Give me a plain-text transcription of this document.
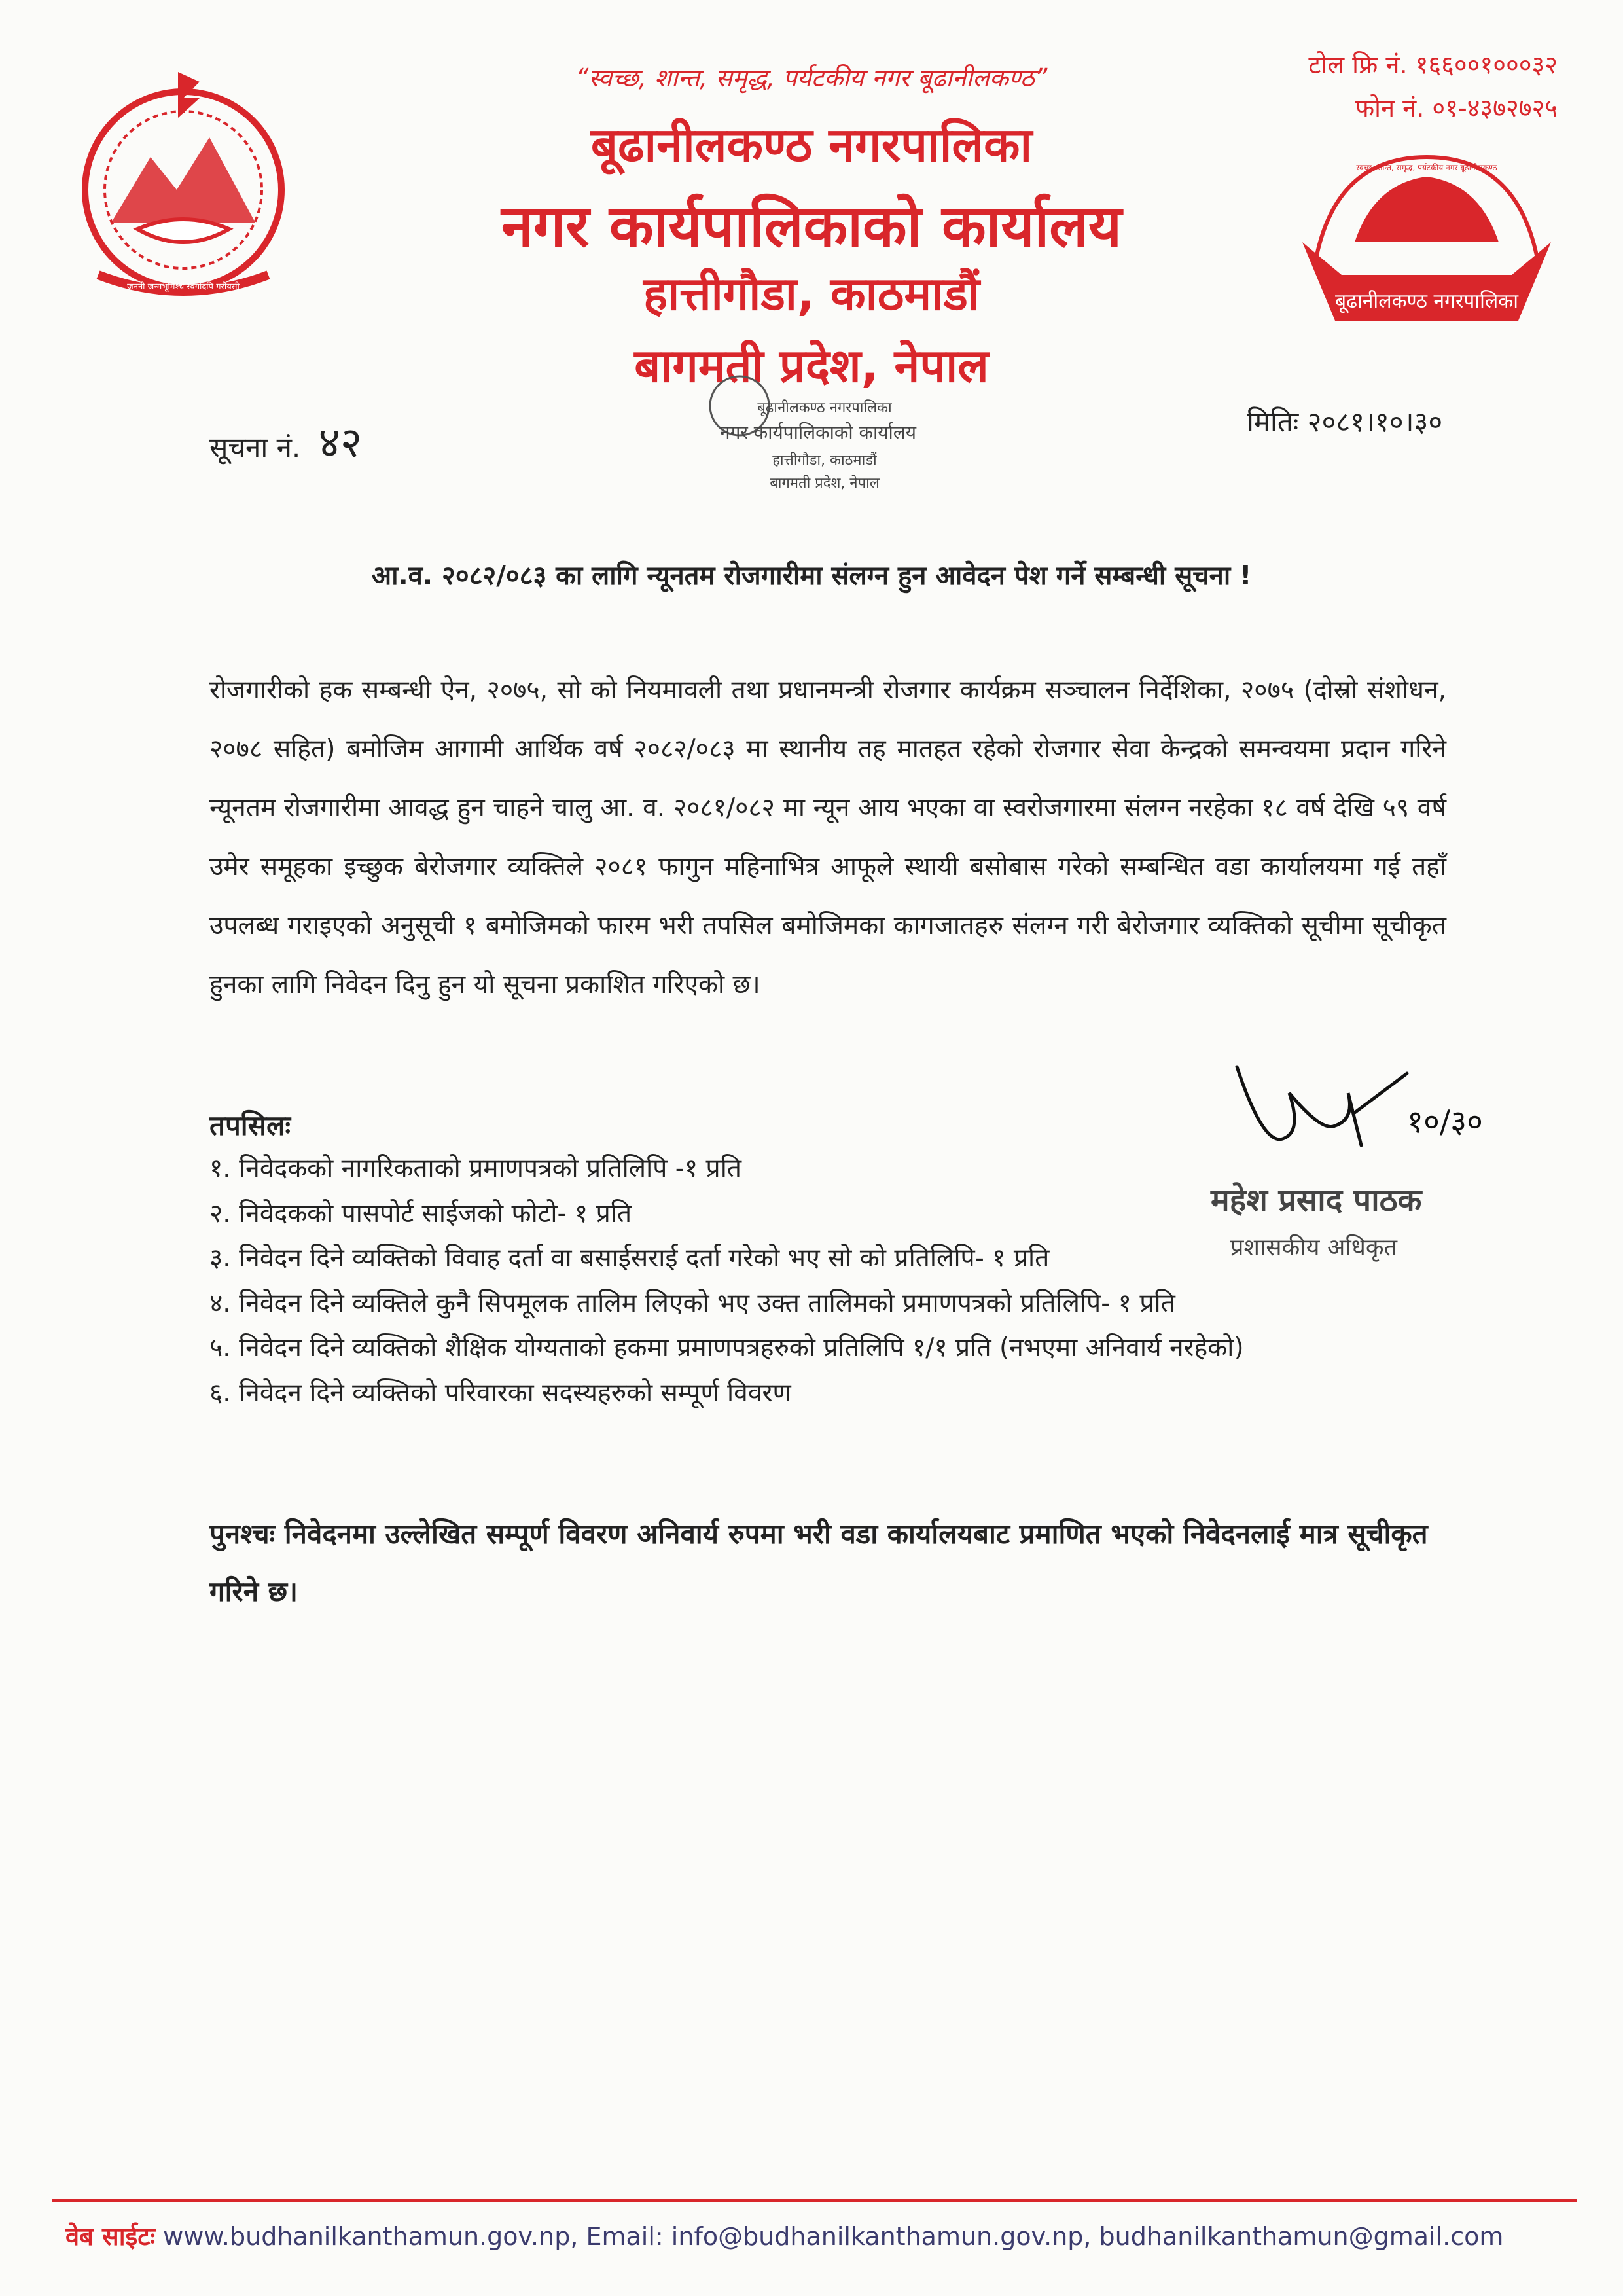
जननी जन्मभूमिश्च स्वर्गादपि गरीयसी
बूढानीलकण्ठ नगरपालिका
स्वच्छ, शान्त, समृद्ध, पर्यटकीय नगर बूढानीलकण्ठ
“स्वच्छ, शान्त, समृद्ध, पर्यटकीय नगर बूढानीलकण्ठ”
बूढानीलकण्ठ नगरपालिका
नगर कार्यपालिकाको कार्यालय
हात्तीगौडा, काठमाडौं
बागमती प्रदेश, नेपाल
टोल फ्रि नं. १६६००१०००३२
फोन नं. ०१-४३७२७२५
बूढानीलकण्ठ नगरपालिका
नगर कार्यपालिकाको कार्यालय
हात्तीगौडा, काठमाडौं
बागमती प्रदेश, नेपाल
सूचना नं. ४२	मितिः २०८१।१०।३०
आ.व. २०८२/०८३ का लागि न्यूनतम रोजगारीमा संलग्न हुन आवेदन पेश गर्ने सम्बन्धी सूचना !
रोजगारीको हक सम्बन्धी ऐन, २०७५, सो को नियमावली तथा प्रधानमन्त्री रोजगार कार्यक्रम सञ्चालन निर्देशिका, २०७५ (दोस्रो संशोधन, २०७८ सहित) बमोजिम आगामी आर्थिक वर्ष २०८२/०८३ मा स्थानीय तह मातहत रहेको रोजगार सेवा केन्द्रको समन्वयमा प्रदान गरिने न्यूनतम रोजगारीमा आवद्ध हुन चाहने चालु आ. व. २०८१/०८२ मा न्यून आय भएका वा स्वरोजगारमा संलग्न नरहेका १८ वर्ष देखि ५९ वर्ष उमेर समूहका इच्छुक बेरोजगार व्यक्तिले २०८१ फागुन महिनाभित्र आफूले स्थायी बसोबास गरेको सम्बन्धित वडा कार्यालयमा गई तहाँ उपलब्ध गराइएको अनुसूची १ बमोजिमको फारम भरी तपसिल बमोजिमका कागजातहरु संलग्न गरी बेरोजगार व्यक्तिको सूचीमा सूचीकृत हुनका लागि निवेदन दिनु हुन यो सूचना प्रकाशित गरिएको छ।
तपसिलः
१. निवेदकको नागरिकताको प्रमाणपत्रको प्रतिलिपि -१ प्रति
२. निवेदकको पासपोर्ट साईजको फोटो- १ प्रति
३. निवेदन दिने व्यक्तिको विवाह दर्ता वा बसाईसराई दर्ता गरेको भए सो को प्रतिलिपि- १ प्रति
४. निवेदन दिने व्यक्तिले कुनै सिपमूलक तालिम लिएको भए उक्त तालिमको प्रमाणपत्रको प्रतिलिपि- १ प्रति
५. निवेदन दिने व्यक्तिको शैक्षिक योग्यताको हकमा प्रमाणपत्रहरुको प्रतिलिपि १/१ प्रति (नभएमा अनिवार्य नरहेको)
६. निवेदन दिने व्यक्तिको परिवारका सदस्यहरुको सम्पूर्ण विवरण
१०/३०
महेश प्रसाद पाठक
प्रशासकीय अधिकृत
पुनश्चः निवेदनमा उल्लेखित सम्पूर्ण विवरण अनिवार्य रुपमा भरी वडा कार्यालयबाट प्रमाणित भएको निवेदनलाई मात्र सूचीकृत गरिने छ।
वेब साईटः www.budhanilkanthamun.gov.np, Email: info@budhanilkanthamun.gov.np, budhanilkanthamun@gmail.com
